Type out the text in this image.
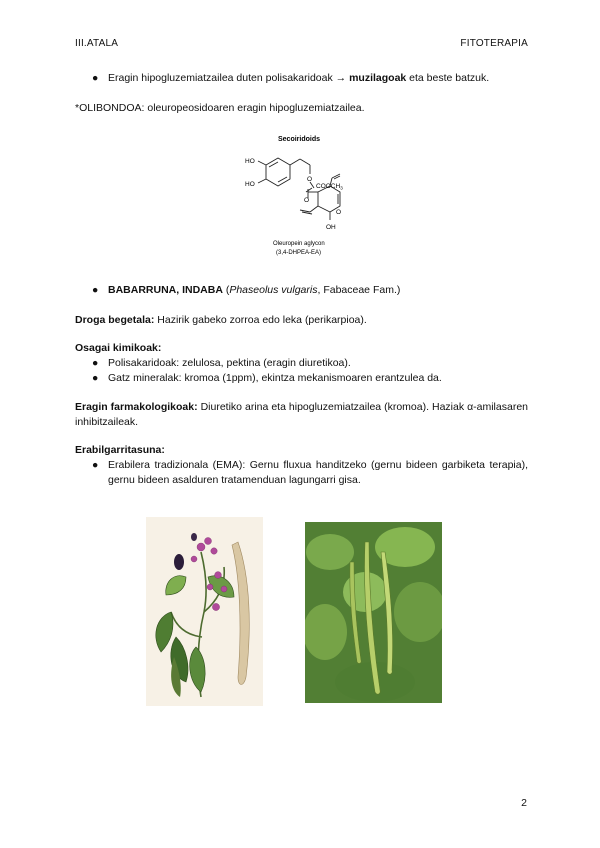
III.ATALA	FITOTERAPIA
● Eragin hipogluzemiatzailea duten polisakaridoak → muzilagoak eta beste batzuk.
*OLIBONDOA: oleuropeosidoaren eragin hipogluzemiatzailea.
Secoiridoids
HO
HO
O
O
O
$COOCH_3$
OH
Oleuropein aglycon
(3,4-DHPEA-EA)
● BABARRUNA, INDABA (Phaseolus vulgaris, Fabaceae Fam.)
Droga begetala: Hazirik gabeko zorroa edo leka (perikarpioa).
Osagai kimikoak:
● Polisakaridoak: zelulosa, pektina (eragin diuretikoa).
● Gatz mineralak: kromoa (1ppm), ekintza mekanismoaren erantzulea da.
Eragin farmakologikoak: Diuretiko arina eta hipogluzemiatzailea (kromoa). Haziak α-amilasaren inhibitzaileak.
Erabilgarritasuna:
● Erabilera tradizionala (EMA): Gernu fluxua handitzeko (gernu bideen garbiketa terapia), gernu bideen asalduren tratamenduan lagungarri gisa.
2
